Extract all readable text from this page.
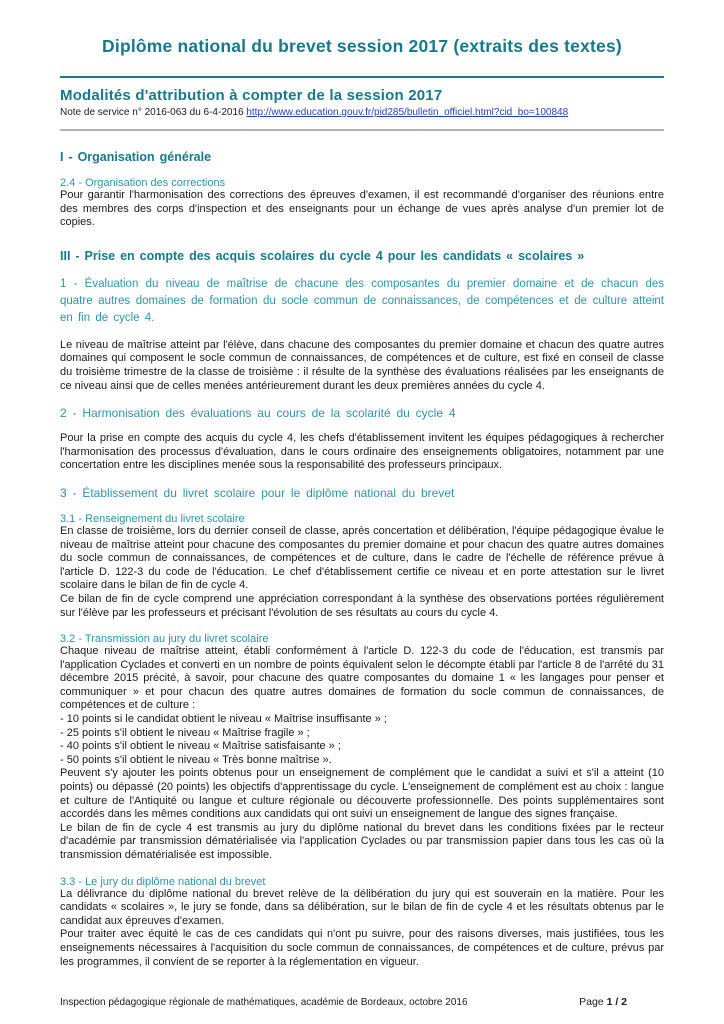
Diplôme national du brevet session 2017 (extraits des textes)
Modalités d'attribution à compter de la session 2017
Note de service n° 2016-063 du 6-4-2016 http://www.education.gouv.fr/pid285/bulletin_officiel.html?cid_bo=100848
I - Organisation générale
2.4 - Organisation des corrections
Pour garantir l'harmonisation des corrections des épreuves d'examen, il est recommandé d'organiser des réunions entre des membres des corps d'inspection et des enseignants pour un échange de vues après analyse d'un premier lot de copies.
III - Prise en compte des acquis scolaires du cycle 4 pour les candidats « scolaires »
1 - Évaluation du niveau de maîtrise de chacune des composantes du premier domaine et de chacun des quatre autres domaines de formation du socle commun de connaissances, de compétences et de culture atteint en fin de cycle 4.
Le niveau de maîtrise atteint par l'élève, dans chacune des composantes du premier domaine et chacun des quatre autres domaines qui composent le socle commun de connaissances, de compétences et de culture, est fixé en conseil de classe du troisième trimestre de la classe de troisième : il résulte de la synthèse des évaluations réalisées par les enseignants de ce niveau ainsi que de celles menées antérieurement durant les deux premières années du cycle 4.
2 - Harmonisation des évaluations au cours de la scolarité du cycle 4
Pour la prise en compte des acquis du cycle 4, les chefs d'établissement invitent les équipes pédagogiques à rechercher l'harmonisation des processus d'évaluation, dans le cours ordinaire des enseignements obligatoires, notamment par une concertation entre les disciplines menée sous la responsabilité des professeurs principaux.
3 - Établissement du livret scolaire pour le diplôme national du brevet
3.1 - Renseignement du livret scolaire
En classe de troisième, lors du dernier conseil de classe, après concertation et délibération, l'équipe pédagogique évalue le niveau de maîtrise atteint pour chacune des composantes du premier domaine et pour chacun des quatre autres domaines du socle commun de connaissances, de compétences et de culture, dans le cadre de l'échelle de référence prévue à l'article D. 122-3 du code de l'éducation. Le chef d'établissement certifie ce niveau et en porte attestation sur le livret scolaire dans le bilan de fin de cycle 4.
Ce bilan de fin de cycle comprend une appréciation correspondant à la synthèse des observations portées régulièrement sur l'élève par les professeurs et précisant l'évolution de ses résultats au cours du cycle 4.
3.2 - Transmission au jury du livret scolaire
Chaque niveau de maîtrise atteint, établi conformément à l'article D. 122-3 du code de l'éducation, est transmis par l'application Cyclades et converti en un nombre de points équivalent selon le décompte établi par l'article 8 de l'arrêté du 31 décembre 2015 précité, à savoir, pour chacune des quatre composantes du domaine 1 « les langages pour penser et communiquer » et pour chacun des quatre autres domaines de formation du socle commun de connaissances, de compétences et de culture :
- 10 points si le candidat obtient le niveau « Maîtrise insuffisante » ;
- 25 points s'il obtient le niveau « Maîtrise fragile » ;
- 40 points s'il obtient le niveau « Maîtrise satisfaisante » ;
- 50 points s'il obtient le niveau « Très bonne maîtrise ».
Peuvent s'y ajouter les points obtenus pour un enseignement de complément que le candidat a suivi et s'il a atteint (10 points) ou dépassé (20 points) les objectifs d'apprentissage du cycle. L'enseignement de complément est au choix : langue et culture de l'Antiquité ou langue et culture régionale ou découverte professionnelle. Des points supplémentaires sont accordés dans les mêmes conditions aux candidats qui ont suivi un enseignement de langue des signes française.
Le bilan de fin de cycle 4 est transmis au jury du diplôme national du brevet dans les conditions fixées par le recteur d'académie par transmission dématérialisée via l'application Cyclades ou par transmission papier dans tous les cas où la transmission dématérialisée est impossible.
3.3 - Le jury du diplôme national du brevet
La délivrance du diplôme national du brevet relève de la délibération du jury qui est souverain en la matière. Pour les candidats « scolaires », le jury se fonde, dans sa délibération, sur le bilan de fin de cycle 4 et les résultats obtenus par le candidat aux épreuves d'examen.
Pour traiter avec équité le cas de ces candidats qui n'ont pu suivre, pour des raisons diverses, mais justifiées, tous les enseignements nécessaires à l'acquisition du socle commun de connaissances, de compétences et de culture, prévus par les programmes, il convient de se reporter à la réglementation en vigueur.
Inspection pédagogique régionale de mathématiques, académie de Bordeaux, octobre 2016	Page 1 / 2
